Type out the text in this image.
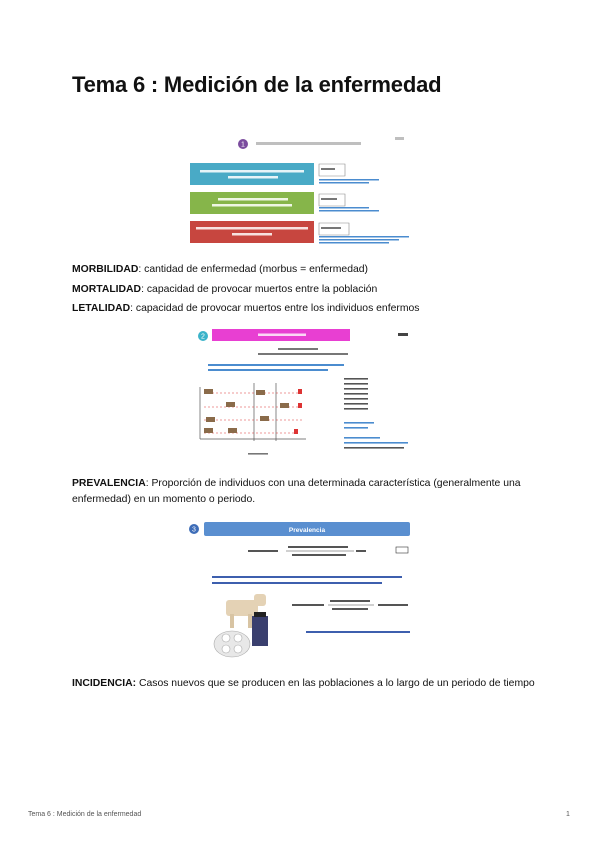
Tema 6 : Medición de la enfermedad
1
MORBILIDAD: cantidad de enfermedad (morbus = enfermedad)
MORTALIDAD: capacidad de provocar muertos entre la población
LETALIDAD: capacidad de provocar muertos entre los individuos enfermos
2
PREVALENCIA: Proporción de individuos con una determinada característica (generalmente una enfermedad) en un momento o periodo.
3	Prevalencia
INCIDENCIA: Casos nuevos que se producen en las poblaciones a lo largo de un periodo de tiempo
Tema 6 : Medición de la enfermedad	1
